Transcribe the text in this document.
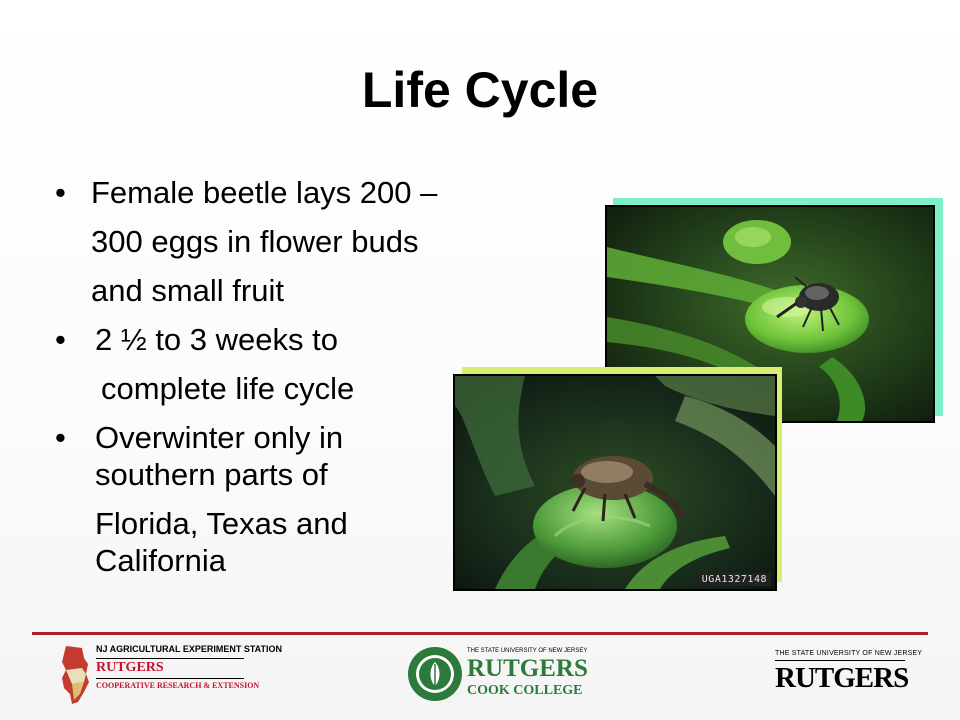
Life Cycle
• Female beetle lays 200 –
300 eggs in flower buds
and small fruit
• 2 ½ to 3 weeks to
complete life cycle
• Overwinter only in
southern parts of
Florida, Texas and
California
UGA1327148
NJ AGRICULTURAL EXPERIMENT STATION
RUTGERS
COOPERATIVE RESEARCH & EXTENSION
THE STATE UNIVERSITY OF NEW JERSEY
RUTGERS
COOK COLLEGE
THE STATE UNIVERSITY OF NEW JERSEY
RUTGERS
